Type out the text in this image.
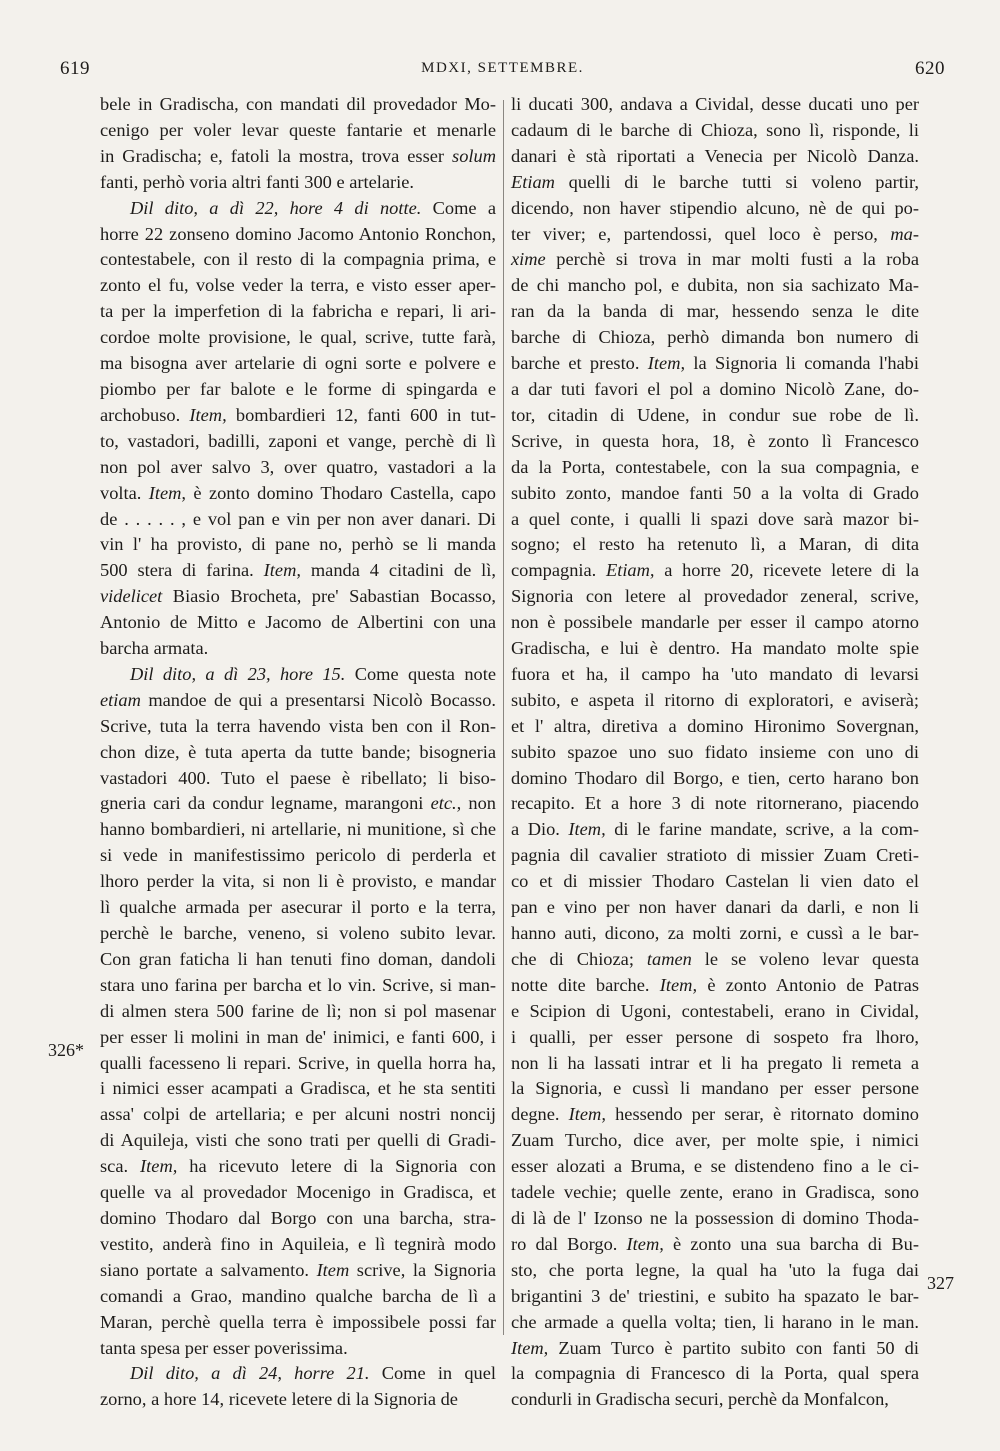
619	MDXI, SETTEMBRE.	620
bele in Gradischa, con mandati dil provedador Mo-
cenigo per voler levar queste fantarie et menarle
in Gradischa; e, fatoli la mostra, trova esser solum
fanti, perhò voria altri fanti 300 e artelarie.
Dil dito, a dì 22, hore 4 di notte. Come a
horre 22 zonseno domino Jacomo Antonio Ronchon,
contestabele, con il resto di la compagnia prima, e
zonto el fu, volse veder la terra, e visto esser aper-
ta per la imperfetion di la fabricha e repari, li ari-
cordoe molte provisione, le qual, scrive, tutte farà,
ma bisogna aver artelarie di ogni sorte e polvere e
piombo per far balote e le forme di spingarda e
archobuso. Item, bombardieri 12, fanti 600 in tut-
to, vastadori, badilli, zaponi et vange, perchè di lì
non pol aver salvo 3, over quatro, vastadori a la
volta. Item, è zonto domino Thodaro Castella, capo
de . . . . . , e vol pan e vin per non aver danari. Di
vin l' ha provisto, di pane no, perhò se li manda
500 stera di farina. Item, manda 4 citadini de lì,
videlicet Biasio Brocheta, pre' Sabastian Bocasso,
Antonio de Mitto e Jacomo de Albertini con una
barcha armata.
Dil dito, a dì 23, hore 15. Come questa note
etiam mandoe de qui a presentarsi Nicolò Bocasso.
Scrive, tuta la terra havendo vista ben con il Ron-
chon dize, è tuta aperta da tutte bande; bisogneria
vastadori 400. Tuto el paese è ribellato; li biso-
gneria cari da condur legname, marangoni etc., non
hanno bombardieri, ni artellarie, ni munitione, sì che
si vede in manifestissimo pericolo di perderla et
lhoro perder la vita, si non li è provisto, e mandar
lì qualche armada per asecurar il porto e la terra,
perchè le barche, veneno, si voleno subito levar.
Con gran faticha li han tenuti fino doman, dandoli
stara uno farina per barcha et lo vin. Scrive, si man-
di almen stera 500 farine de lì; non si pol masenar
per esser li molini in man de' inimici, e fanti 600, i
qualli facesseno li repari. Scrive, in quella horra ha,
i nimici esser acampati a Gradisca, et he sta sentiti
assa' colpi de artellaria; e per alcuni nostri noncij
di Aquileja, visti che sono trati per quelli di Gradi-
sca. Item, ha ricevuto letere di la Signoria con
quelle va al provedador Mocenigo in Gradisca, et
domino Thodaro dal Borgo con una barcha, stra-
vestito, anderà fino in Aquileia, e lì tegnirà modo
siano portate a salvamento. Item scrive, la Signoria
comandi a Grao, mandino qualche barcha de lì a
Maran, perchè quella terra è impossibele possi far
tanta spesa per esser poverissima.
Dil dito, a dì 24, horre 21. Come in quel
zorno, a hore 14, ricevete letere di la Signoria de
li ducati 300, andava a Cividal, desse ducati uno per
cadaum di le barche di Chioza, sono lì, risponde, li
danari è stà riportati a Venecia per Nicolò Danza.
Etiam quelli di le barche tutti si voleno partir,
dicendo, non haver stipendio alcuno, nè de qui po-
ter viver; e, partendossi, quel loco è perso, ma-
xime perchè si trova in mar molti fusti a la roba
de chi mancho pol, e dubita, non sia sachizato Ma-
ran da la banda di mar, hessendo senza le dite
barche di Chioza, perhò dimanda bon numero di
barche et presto. Item, la Signoria li comanda l'habi
a dar tuti favori el pol a domino Nicolò Zane, do-
tor, citadin di Udene, in condur sue robe de lì.
Scrive, in questa hora, 18, è zonto lì Francesco
da la Porta, contestabele, con la sua compagnia, e
subito zonto, mandoe fanti 50 a la volta di Grado
a quel conte, i qualli li spazi dove sarà mazor bi-
sogno; el resto ha retenuto lì, a Maran, di dita
compagnia. Etiam, a horre 20, ricevete letere di la
Signoria con letere al provedador zeneral, scrive,
non è possibele mandarle per esser il campo atorno
Gradischa, e lui è dentro. Ha mandato molte spie
fuora et ha, il campo ha 'uto mandato di levarsi
subito, e aspeta il ritorno di exploratori, e aviserà;
et l' altra, diretiva a domino Hironimo Sovergnan,
subito spazoe uno suo fidato insieme con uno di
domino Thodaro dil Borgo, e tien, certo harano bon
recapito. Et a hore 3 di note ritornerano, piacendo
a Dio. Item, di le farine mandate, scrive, a la com-
pagnia dil cavalier stratioto di missier Zuam Creti-
co et di missier Thodaro Castelan li vien dato el
pan e vino per non haver danari da darli, e non li
hanno auti, dicono, za molti zorni, e cussì a le bar-
che di Chioza; tamen le se voleno levar questa
notte dite barche. Item, è zonto Antonio de Patras
e Scipion di Ugoni, contestabeli, erano in Cividal,
i qualli, per esser persone di sospeto fra lhoro,
non li ha lassati intrar et li ha pregato li remeta a
la Signoria, e cussì li mandano per esser persone
degne. Item, hessendo per serar, è ritornato domino
Zuam Turcho, dice aver, per molte spie, i nimici
esser alozati a Bruma, e se distendeno fino a le ci-
tadele vechie; quelle zente, erano in Gradisca, sono
di là de l' Izonso ne la possession di domino Thoda-
ro dal Borgo. Item, è zonto una sua barcha di Bu-
sto, che porta legne, la qual ha 'uto la fuga dai
brigantini 3 de' triestini, e subito ha spazato le bar-
che armade a quella volta; tien, li harano in le man.
Item, Zuam Turco è partito subito con fanti 50 di
la compagnia di Francesco di la Porta, qual spera
condurli in Gradischa securi, perchè da Monfalcon,
326*
327
